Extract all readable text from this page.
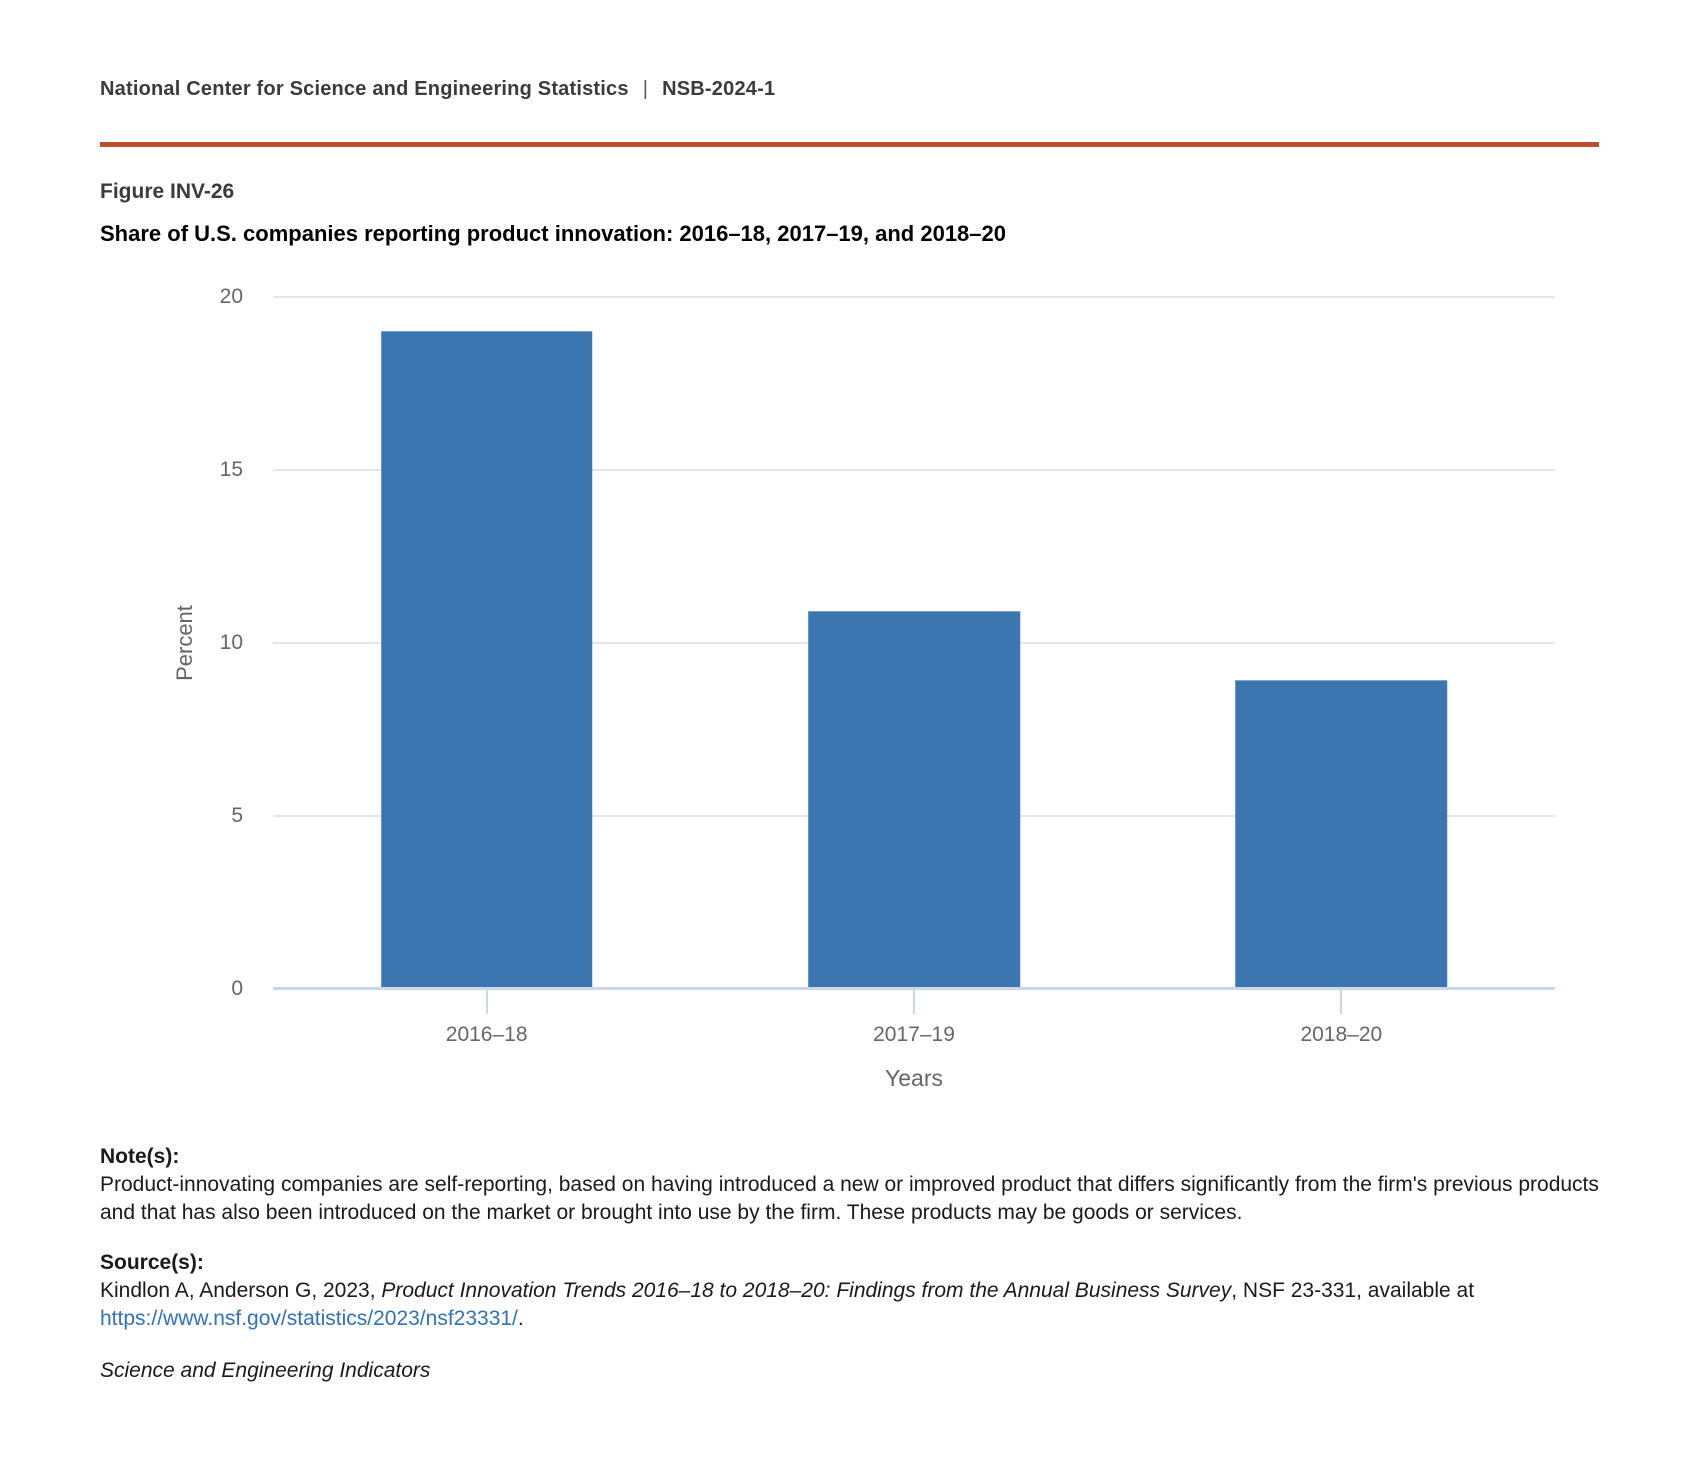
National Center for Science and Engineering Statistics | NSB-2024-1
Figure INV-26
Share of U.S. companies reporting product innovation: 2016–18, 2017–19, and 2018–20
Percent
Years
0
5
10
15
20
2016–18	2017–19	2018–20
Note(s):
Product-innovating companies are self-reporting, based on having introduced a new or improved product that differs significantly from the firm's previous products and that has also been introduced on the market or brought into use by the firm. These products may be goods or services.
Source(s):
Kindlon A, Anderson G, 2023, Product Innovation Trends 2016–18 to 2018–20: Findings from the Annual Business Survey, NSF 23-331, available at https://www.nsf.gov/statistics/2023/nsf23331/.
Science and Engineering Indicators
